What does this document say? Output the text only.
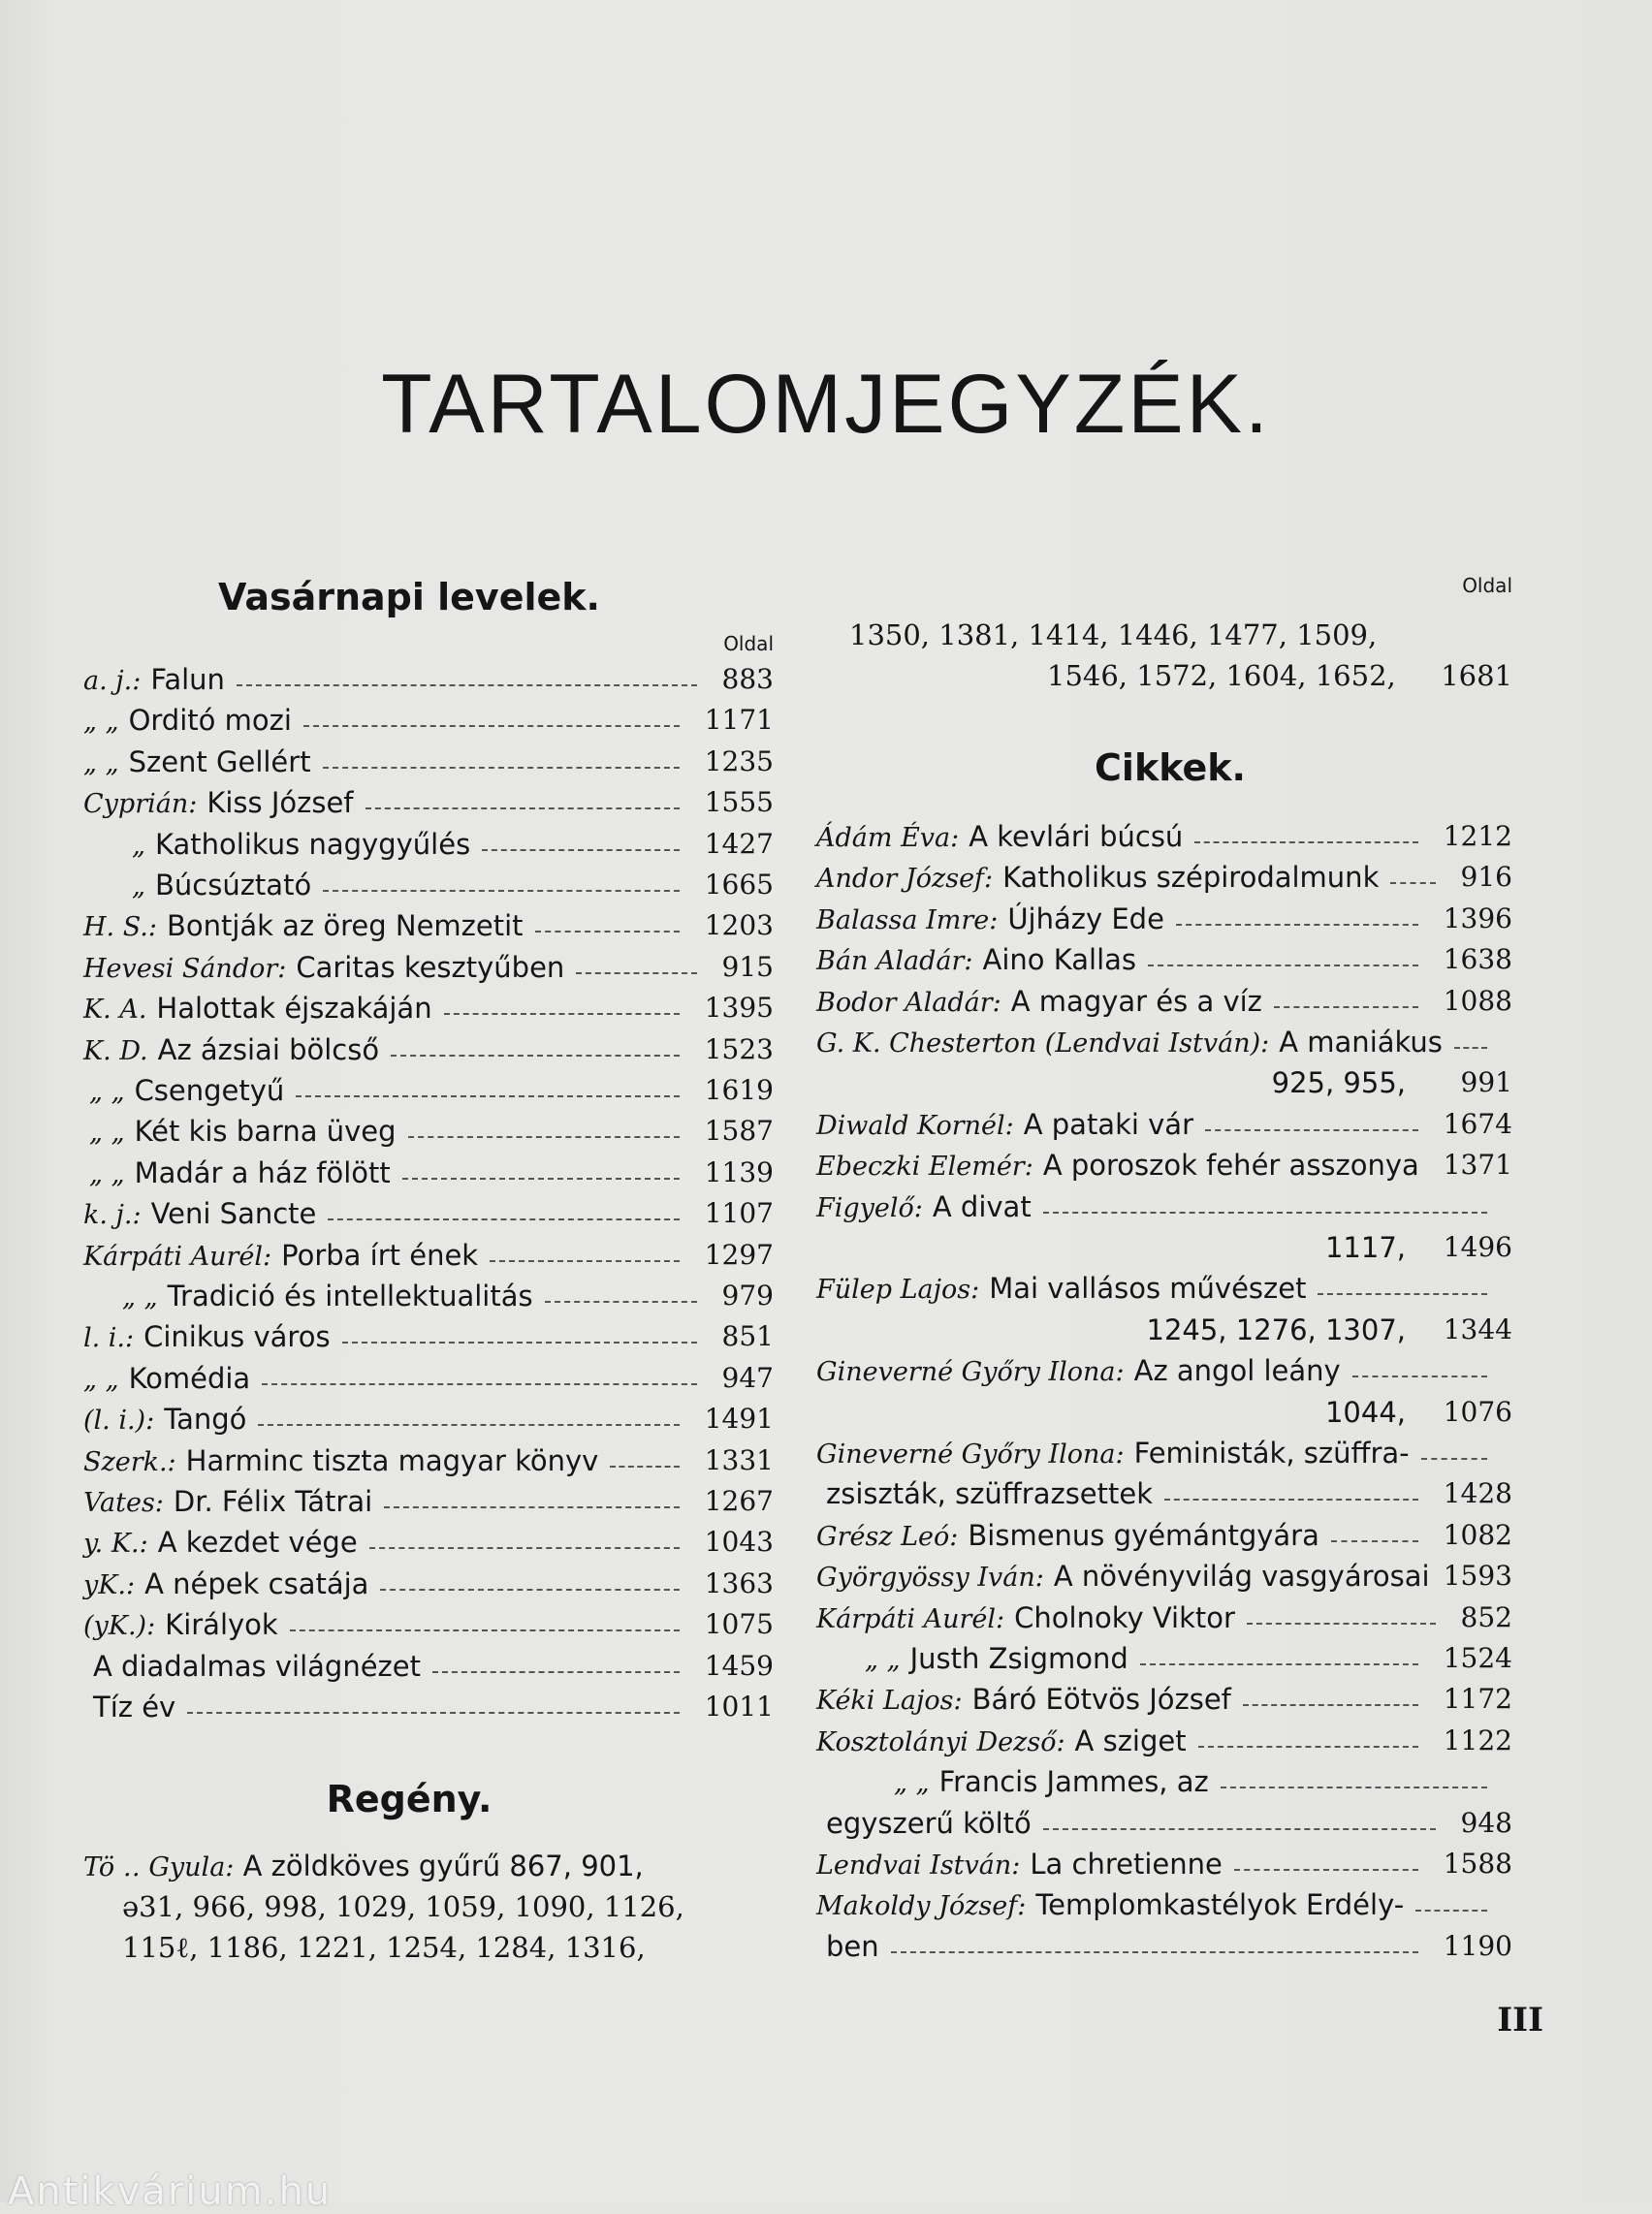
TARTALOMJEGYZÉK.
Vasárnapi levelek.
Oldal
a. j.: Falun	883
„ „ Orditó mozi	1171
„ „ Szent Gellért	1235
Cyprián: Kiss József	1555
„ Katholikus nagygyűlés	1427
„ Búcsúztató	1665
H. S.: Bontják az öreg Nemzetit	1203
Hevesi Sándor: Caritas kesztyűben	915
K. A. Halottak éjszakáján	1395
K. D. Az ázsiai bölcső	1523
„ „ Csengetyű	1619
„ „ Két kis barna üveg	1587
„ „ Madár a ház fölött	1139
k. j.: Veni Sancte	1107
Kárpáti Aurél: Porba írt ének	1297
„ „ Tradició és intellektualitás	979
l. i.: Cinikus város	851
„ „ Komédia	947
(l. i.): Tangó	1491
Szerk.: Harminc tiszta magyar könyv	1331
Vates: Dr. Félix Tátrai	1267
y. K.: A kezdet vége	1043
yK.: A népek csatája	1363
(yK.): Királyok	1075
A diadalmas világnézet	1459
Tíz év	1011
Regény.
Tö ‥ Gyula: A zöldköves gyűrű 867, 901,
ǝ31, 966, 998, 1029, 1059, 1090, 1126,
115ℓ, 1186, 1221, 1254, 1284, 1316,
Oldal
1350, 1381, 1414, 1446, 1477, 1509,
1546, 1572, 1604, 1652, 1681
Cikkek.
Ádám Éva: A kevlári búcsú	1212
Andor József: Katholikus szépirodalmunk	916
Balassa Imre: Újházy Ede	1396
Bán Aladár: Aino Kallas	1638
Bodor Aladár: A magyar és a víz	1088
G. K. Chesterton (Lendvai István): A maniákus
925, 955, 991
Diwald Kornél: A pataki vár	1674
Ebeczki Elemér: A poroszok fehér asszonya 1371
Figyelő: A divat
1117, 1496
Fülep Lajos: Mai vallásos művészet
1245, 1276, 1307, 1344
Gineverné Győry Ilona: Az angol leány
1044, 1076
Gineverné Győry Ilona: Feministák, szüffra-
zsiszták, szüffrazsettek	1428
Grész Leó: Bismenus gyémántgyára	1082
Györgyössy Iván: A növényvilág vasgyárosai 1593
Kárpáti Aurél: Cholnoky Viktor	852
„ „ Justh Zsigmond	1524
Kéki Lajos: Báró Eötvös József	1172
Kosztolányi Dezső: A sziget	1122
„ „ Francis Jammes, az
egyszerű költő	948
Lendvai István: La chretienne	1588
Makoldy József: Templomkastélyok Erdély-
ben	1190
III
Antikvárium.hu
